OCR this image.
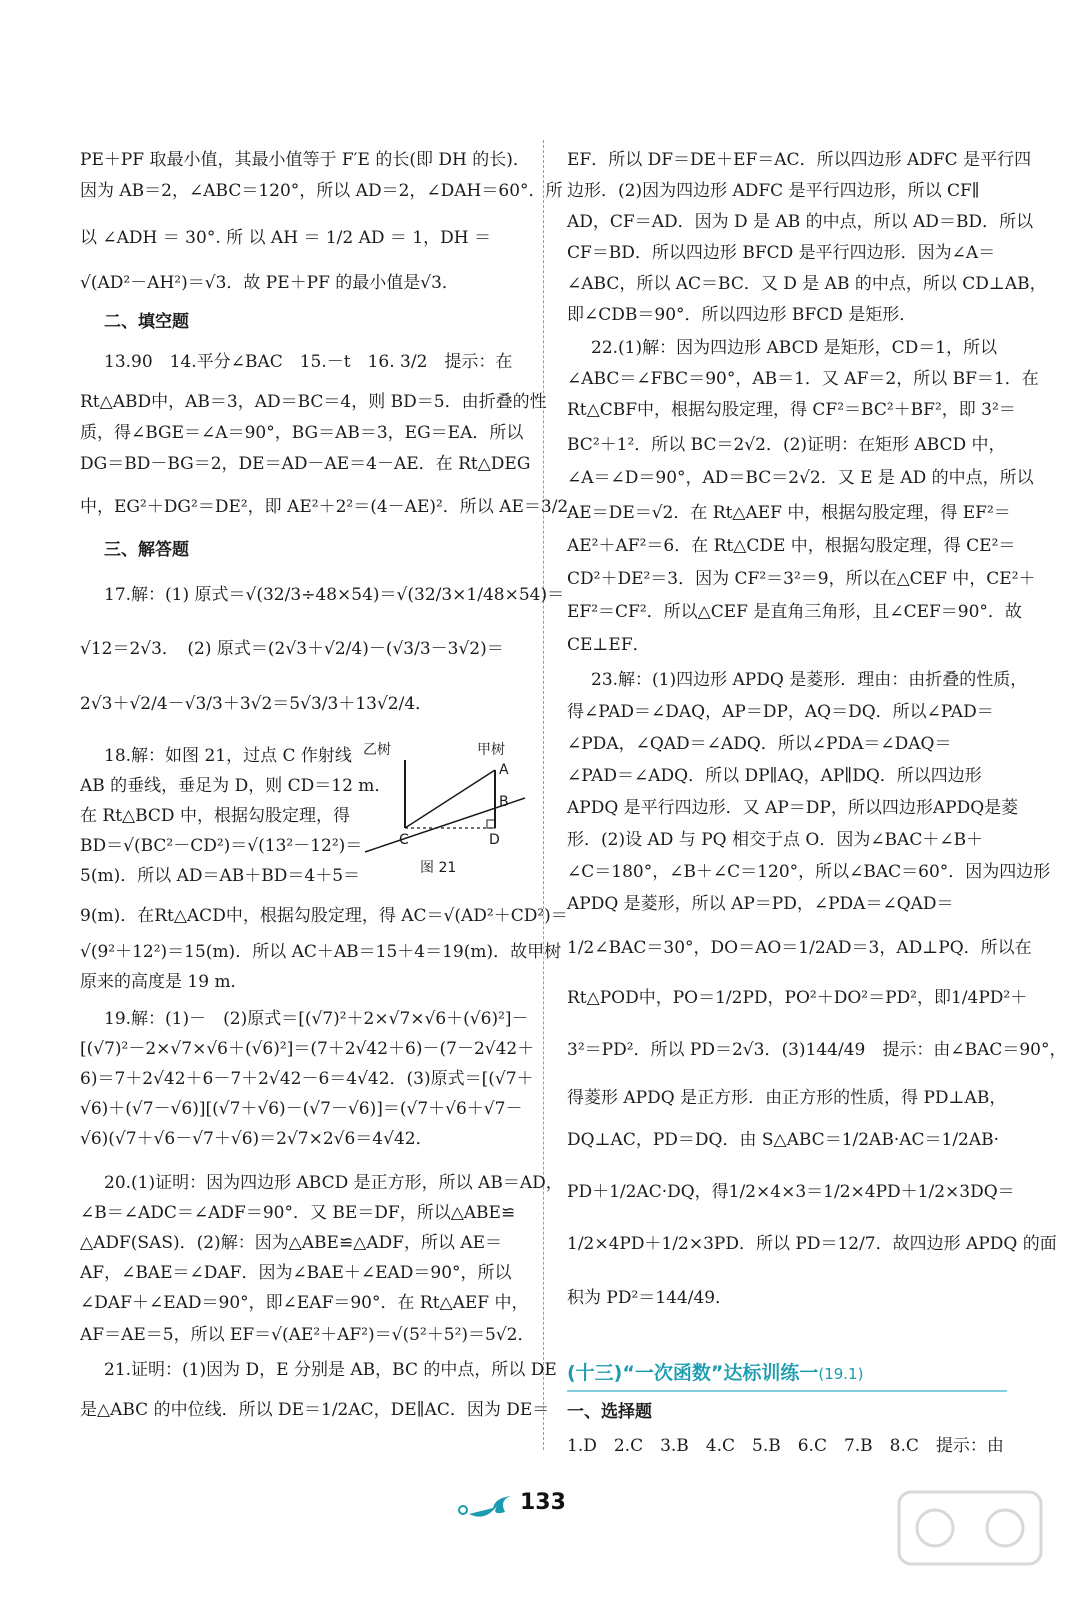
PE＋PF 取最小值，其最小值等于 F′E 的长(即 DH 的长)．
因为 AB＝2，∠ABC＝120°，所以 AD＝2，∠DAH＝60°．所
以 ∠ADH ＝ 30°. 所 以 AH ＝ 1/2 AD ＝ 1，DH ＝
√(AD²－AH²)＝√3．故 PE＋PF 的最小值是√3．
二、填空题
13.90　14.平分∠BAC　15.－t　16. 3/2　提示：在
Rt△ABD中，AB＝3，AD＝BC＝4，则 BD＝5．由折叠的性
质，得∠BGE＝∠A＝90°，BG＝AB＝3，EG＝EA．所以
DG＝BD－BG＝2，DE＝AD－AE＝4－AE．在 Rt△DEG
中，EG²＋DG²＝DE²，即 AE²＋2²＝(4－AE)²．所以 AE＝3/2．
三、解答题
17.解：(1) 原式＝√(32/3÷48×54)＝√(32/3×1/48×54)＝
√12＝2√3．　(2) 原式＝(2√3＋√2/4)－(√3/3－3√2)＝
2√3＋√2/4－√3/3＋3√2＝5√3/3＋13√2/4．
18.解：如图 21，过点 C 作射线
AB 的垂线，垂足为 D，则 CD＝12 m．
在 Rt△BCD 中，根据勾股定理，得
BD＝√(BC²－CD²)＝√(13²－12²)＝
5(m)．所以 AD＝AB＋BD＝4＋5＝
9(m)．在Rt△ACD中，根据勾股定理，得 AC＝√(AD²＋CD²)＝
√(9²＋12²)＝15(m)．所以 AC＋AB＝15＋4＝19(m)．故甲树
原来的高度是 19 m．
19.解：(1)－　(2)原式＝[(√7)²＋2×√7×√6＋(√6)²]－
[(√7)²－2×√7×√6＋(√6)²]＝(7＋2√42＋6)－(7－2√42＋
6)＝7＋2√42＋6－7＋2√42－6＝4√42．(3)原式＝[(√7＋
√6)＋(√7－√6)][(√7＋√6)－(√7－√6)]＝(√7＋√6＋√7－
√6)(√7＋√6－√7＋√6)＝2√7×2√6＝4√42．
20.(1)证明：因为四边形 ABCD 是正方形，所以 AB＝AD，
∠B＝∠ADC＝∠ADF＝90°．又 BE＝DF，所以△ABE≌
△ADF(SAS)．(2)解：因为△ABE≌△ADF，所以 AE＝
AF，∠BAE＝∠DAF．因为∠BAE＋∠EAD＝90°，所以
∠DAF＋∠EAD＝90°，即∠EAF＝90°．在 Rt△AEF 中，
AF＝AE＝5，所以 EF＝√(AE²＋AF²)＝√(5²＋5²)＝5√2．
21.证明：(1)因为 D，E 分别是 AB，BC 的中点，所以 DE
是△ABC 的中位线．所以 DE＝1/2AC，DE∥AC．因为 DE＝
乙树	甲树
A
B
C	D
图 21
EF．所以 DF＝DE＋EF＝AC．所以四边形 ADFC 是平行四
边形．(2)因为四边形 ADFC 是平行四边形，所以 CF∥
AD，CF＝AD．因为 D 是 AB 的中点，所以 AD＝BD．所以
CF＝BD．所以四边形 BFCD 是平行四边形．因为∠A＝
∠ABC，所以 AC＝BC．又 D 是 AB 的中点，所以 CD⊥AB，
即∠CDB＝90°．所以四边形 BFCD 是矩形．
22.(1)解：因为四边形 ABCD 是矩形，CD＝1，所以
∠ABC＝∠FBC＝90°，AB＝1．又 AF＝2，所以 BF＝1．在
Rt△CBF中，根据勾股定理，得 CF²＝BC²＋BF²，即 3²＝
BC²＋1²．所以 BC＝2√2．(2)证明：在矩形 ABCD 中，
∠A＝∠D＝90°，AD＝BC＝2√2．又 E 是 AD 的中点，所以
AE＝DE＝√2．在 Rt△AEF 中，根据勾股定理，得 EF²＝
AE²＋AF²＝6．在 Rt△CDE 中，根据勾股定理，得 CE²＝
CD²＋DE²＝3．因为 CF²＝3²＝9，所以在△CEF 中，CE²＋
EF²＝CF²．所以△CEF 是直角三角形，且∠CEF＝90°．故
CE⊥EF．
23.解：(1)四边形 APDQ 是菱形．理由：由折叠的性质，
得∠PAD＝∠DAQ，AP＝DP，AQ＝DQ．所以∠PAD＝
∠PDA，∠QAD＝∠ADQ．所以∠PDA＝∠DAQ＝
∠PAD＝∠ADQ．所以 DP∥AQ，AP∥DQ．所以四边形
APDQ 是平行四边形．又 AP＝DP，所以四边形APDQ是菱
形．(2)设 AD 与 PQ 相交于点 O．因为∠BAC＋∠B＋
∠C＝180°，∠B＋∠C＝120°，所以∠BAC＝60°．因为四边形
APDQ 是菱形，所以 AP＝PD，∠PDA＝∠QAD＝
1/2∠BAC＝30°，DO＝AO＝1/2AD＝3，AD⊥PQ．所以在
Rt△POD中，PO＝1/2PD，PO²＋DO²＝PD²，即1/4PD²＋
3²＝PD²．所以 PD＝2√3．(3)144/49　提示：由∠BAC＝90°，
得菱形 APDQ 是正方形．由正方形的性质，得 PD⊥AB，
DQ⊥AC，PD＝DQ．由 S△ABC＝1/2AB·AC＝1/2AB·
PD＋1/2AC·DQ，得1/2×4×3＝1/2×4PD＋1/2×3DQ＝
1/2×4PD＋1/2×3PD．所以 PD＝12/7．故四边形 APDQ 的面
积为 PD²＝144/49．
(十三)“一次函数”达标训练一(19.1)
一、选择题
1.D　2.C　3.B　4.C　5.B　6.C　7.B　8.C　提示：由
133
